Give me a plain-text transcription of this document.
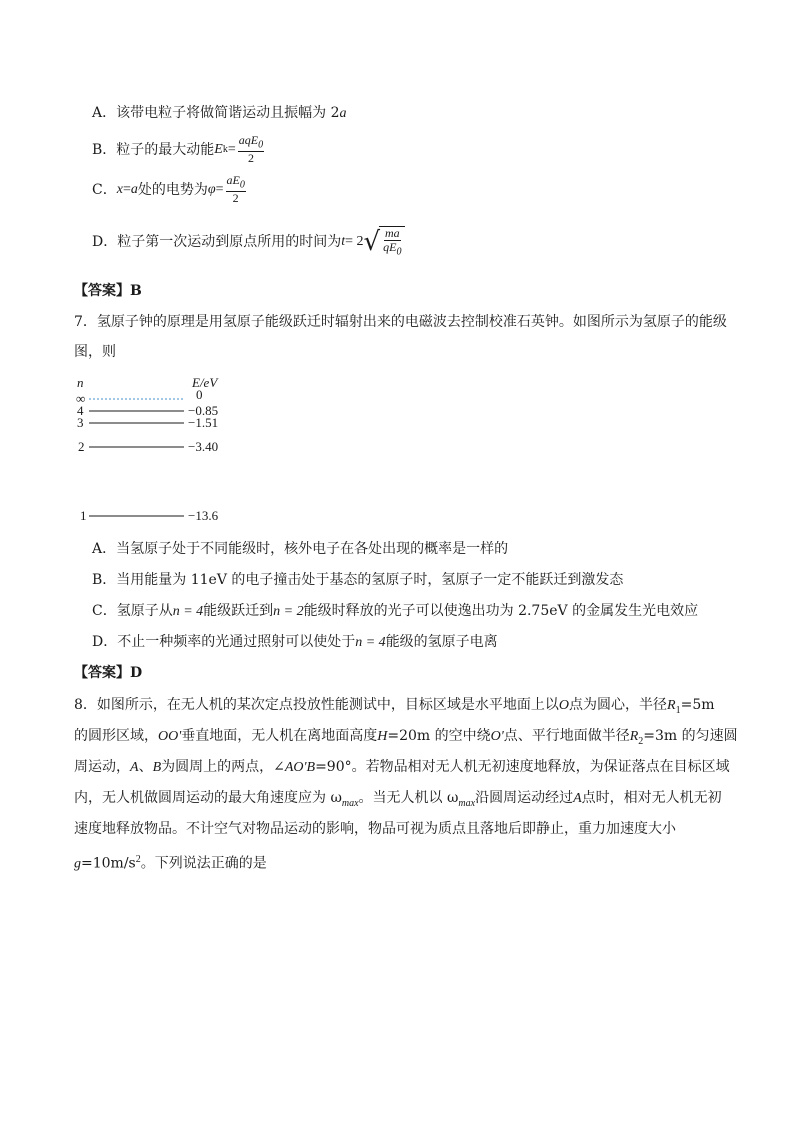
A．该带电粒子将做简谐运动且振幅为 2a
B． 粒子的最大动能 E $k = \frac{aqE_0}{2}$
C． x = a 处的电势为 $\varphi = \frac{aE_0}{2}$
D． 粒子第一次运动到原点所用的时间为 t = 2 √ $\frac{ma}{qE_0}$
【答案】B
7．氢原子钟的原理是用氢原子能级跃迁时辐射出来的电磁波去控制校准石英钟。如图所示为氢原子的能级
图，则
n	E/eV
∞	0
4	−0.85
3	−1.51
2	−3.40
1	−13.6
A．当氢原子处于不同能级时，核外电子在各处出现的概率是一样的
B．当用能量为 11eV 的电子撞击处于基态的氢原子时，氢原子一定不能跃迁到激发态
C．氢原子从n = 4能级跃迁到n = 2能级时释放的光子可以使逸出功为 2.75eV 的金属发生光电效应
D．不止一种频率的光通过照射可以使处于n = 4能级的氢原子电离
【答案】D
8．如图所示，在无人机的某次定点投放性能测试中，目标区域是水平地面上以O点为圆心，半径$R_1=5m$
的圆形区域，OO'垂直地面，无人机在离地面高度H=20m 的空中绕O'点、平行地面做半径$R_2=3m$ 的匀速圆
周运动，A、B为圆周上的两点，∠AO'B=90°。若物品相对无人机无初速度地释放，为保证落点在目标区域
内，无人机做圆周运动的最大角速度应为 $\omega_{max}$。当无人机以 $\omega_{max}$沿圆周运动经过A点时，相对无人机无初
速度地释放物品。不计空气对物品运动的影响，物品可视为质点且落地后即静止，重力加速度大小
$g=10m/s^2$。下列说法正确的是
